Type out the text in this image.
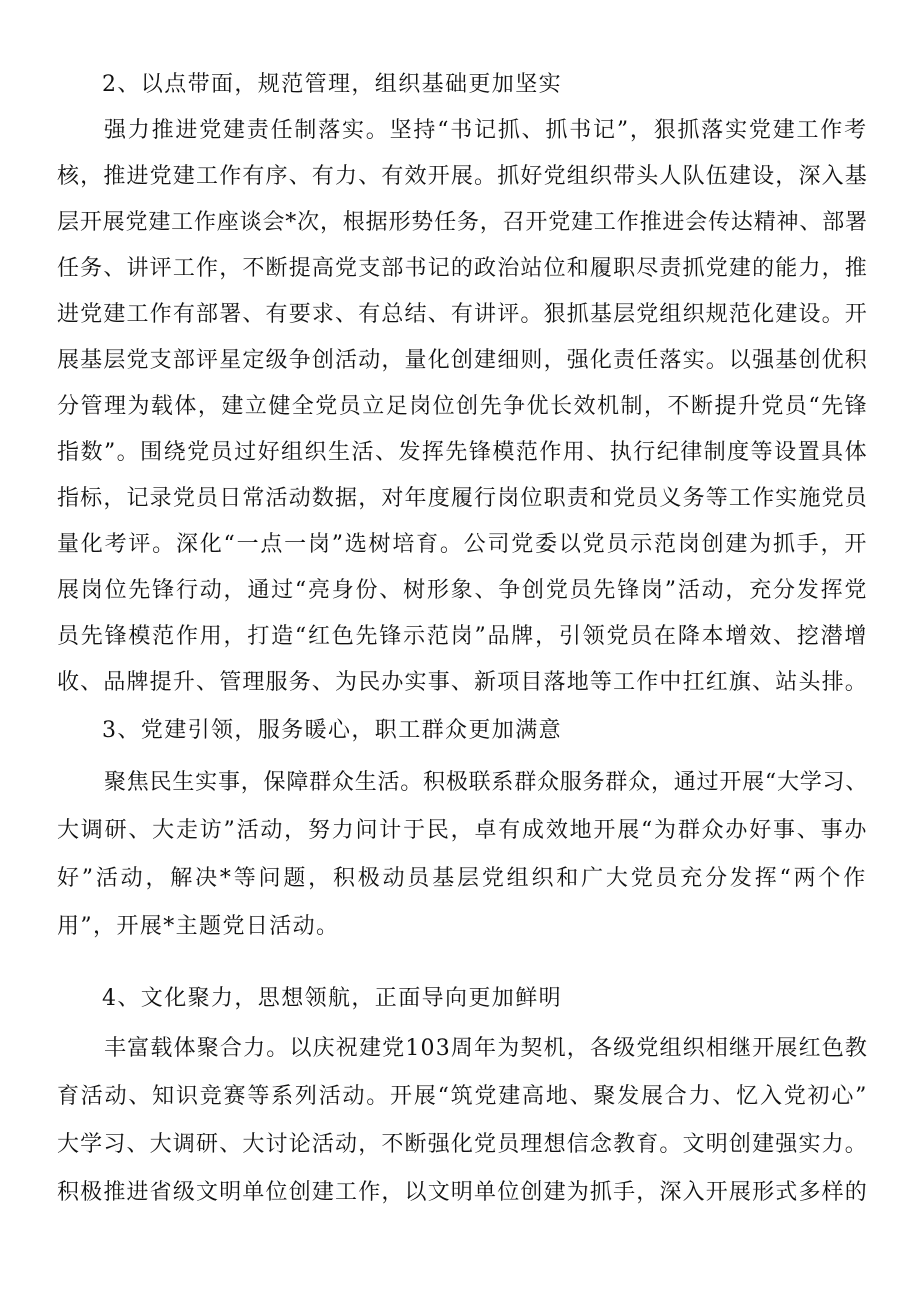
2、以点带面，规范管理，组织基础更加坚实
强力推进党建责任制落实。坚持“书记抓、抓书记”，狠抓落实党建工作考
核，推进党建工作有序、有力、有效开展。抓好党组织带头人队伍建设，深入基
层开展党建工作座谈会*次，根据形势任务，召开党建工作推进会传达精神、部署
任务、讲评工作，不断提高党支部书记的政治站位和履职尽责抓党建的能力，推
进党建工作有部署、有要求、有总结、有讲评。狠抓基层党组织规范化建设。开
展基层党支部评星定级争创活动，量化创建细则，强化责任落实。以强基创优积
分管理为载体，建立健全党员立足岗位创先争优长效机制，不断提升党员“先锋
指数”。围绕党员过好组织生活、发挥先锋模范作用、执行纪律制度等设置具体
指标，记录党员日常活动数据，对年度履行岗位职责和党员义务等工作实施党员
量化考评。深化“一点一岗”选树培育。公司党委以党员示范岗创建为抓手，开
展岗位先锋行动，通过“亮身份、树形象、争创党员先锋岗”活动，充分发挥党
员先锋模范作用，打造“红色先锋示范岗”品牌，引领党员在降本增效、挖潜增
收、品牌提升、管理服务、为民办实事、新项目落地等工作中扛红旗、站头排。
3、党建引领，服务暖心，职工群众更加满意
聚焦民生实事，保障群众生活。积极联系群众服务群众，通过开展“大学习、
大调研、大走访”活动，努力问计于民，卓有成效地开展“为群众办好事、事办
好”活动，解决*等问题，积极动员基层党组织和广大党员充分发挥“两个作
用”，开展*主题党日活动。
4、文化聚力，思想领航，正面导向更加鲜明
丰富载体聚合力。以庆祝建党103周年为契机，各级党组织相继开展红色教
育活动、知识竞赛等系列活动。开展“筑党建高地、聚发展合力、忆入党初心”
大学习、大调研、大讨论活动，不断强化党员理想信念教育。文明创建强实力。
积极推进省级文明单位创建工作，以文明单位创建为抓手，深入开展形式多样的
